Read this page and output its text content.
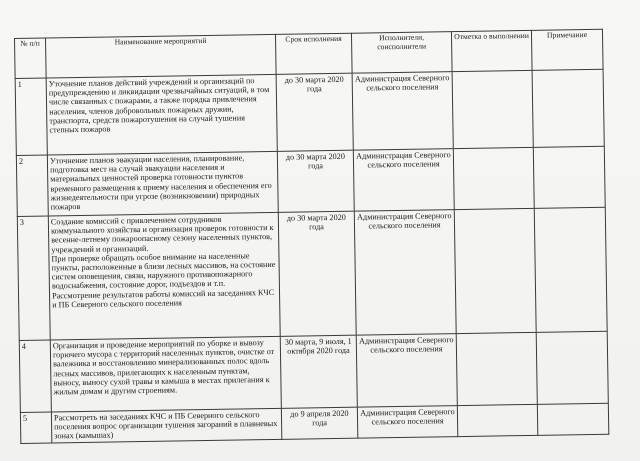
№ п/п	Наименование мероприятий	Срок исполнения	Исполнители, соисполнители	Отметка о выполнении	Примечание
1	Уточнение планов действий учреждений и организаций по предупреждению и ликвидации чрезвычайных ситуаций, в том числе связанных с пожарами, а также порядка привлечения населения, членов добровольных пожарных дружин, транспорта, средств пожаротушения на случай тушения степных пожаров	до 30 марта 2020 года	Администрация Северного сельского поселения		
2	Уточнение планов эвакуации населения, планирование, подготовка мест на случай эвакуации населения и материальных ценностей проверка готовности пунктов временного размещения к приему населения и обеспечения его жизнедеятельности при угрозе (возникновении) природных пожаров	до 30 марта 2020 года	Администрация Северного сельского поселения		
3	Создание комиссий с привлечением сотрудников коммунального хозяйства и организация проверок готовности к весенне-летнему пожароопасному сезону населенных пунктов, учреждений и организаций.

При проверке обращать особое внимание на населенные пункты, расположенные в близи лесных массивов, на состояние систем оповещения, связи, наружного противопожарного водоснабжения, состояние дорог, подъездов и т.п.

Рассмотрение результатов работы комиссий на заседаниях КЧС и ПБ Северного сельского поселения	до 30 марта 2020 года	Администрация Северного сельского поселения		
4	Организация и проведение мероприятий по уборке и вывозу горючего мусора с территорий населенных пунктов, очистке от валежника и восстановлению минерализованных полос вдоль лесных массивов, прилегающих к населенным пунктам, выносу, выносу сухой травы и камыша в местах прилегания к жилым домам и другим строениям.	30 марта, 9 июля, 1 октября 2020 года	Администрация Северного сельского поселения		
5	Рассмотреть на заседаниях КЧС и ПБ Северного сельского поселения вопрос организации тушения загораний в плавневых зонах (камышах)	до 9 апреля 2020 года	Администрация Северного сельского поселения		
